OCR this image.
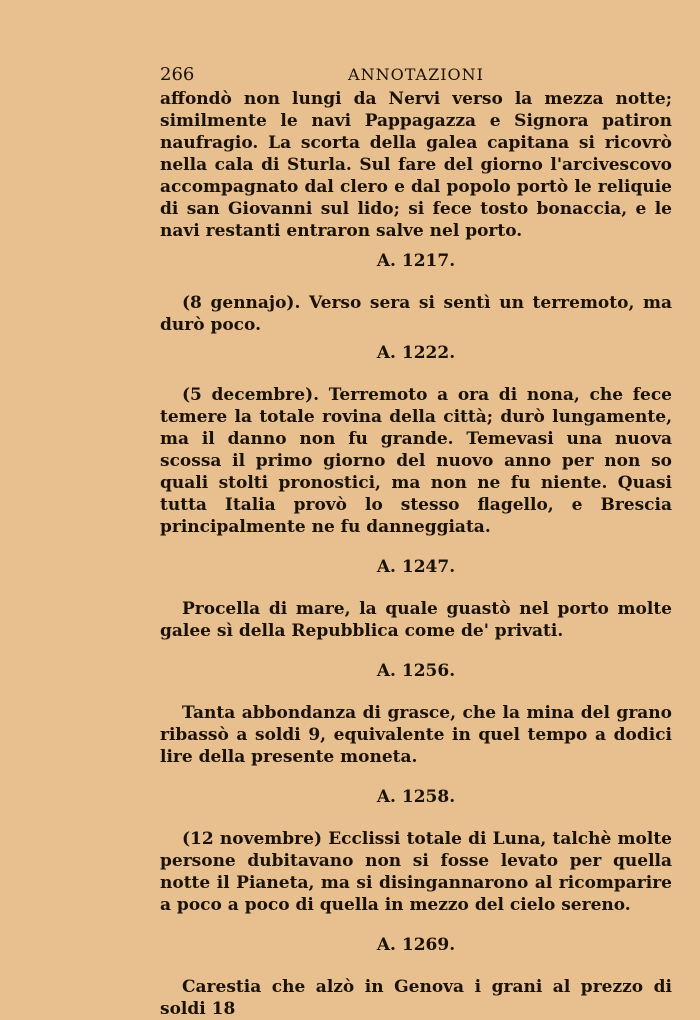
266	ANNOTAZIONI

affondò non lungi da Nervi verso la mezza notte; similmente le navi Pappagazza e Signora patiron naufragio. La scorta della galea capitana si ricovrò nella cala di Sturla. Sul fare del giorno l'arcivescovo accompagnato dal clero e dal popolo portò le reliquie di san Giovanni sul lido; si fece tosto bonaccia, e le navi restanti entraron salve nel porto.

A. 1217.

(8 gennajo). Verso sera si sentì un terremoto, ma durò poco.

A. 1222.

(5 decembre). Terremoto a ora di nona, che fece temere la totale rovina della città; durò lungamente, ma il danno non fu grande. Temevasi una nuova scossa il primo giorno del nuovo anno per non so quali stolti pronostici, ma non ne fu niente. Quasi tutta Italia provò lo stesso flagello, e Brescia principalmente ne fu danneggiata.

A. 1247.

Procella di mare, la quale guastò nel porto molte galee sì della Repubblica come de' privati.

A. 1256.

Tanta abbondanza di grasce, che la mina del grano ribassò a soldi 9, equivalente in quel tempo a dodici lire della presente moneta.

A. 1258.

(12 novembre) Ecclissi totale di Luna, talchè molte persone dubitavano non si fosse levato per quella notte il Pianeta, ma si disingannarono al ricomparire a poco a poco di quella in mezzo del cielo sereno.

A. 1269.

Carestia che alzò in Genova i grani al prezzo di soldi 18
